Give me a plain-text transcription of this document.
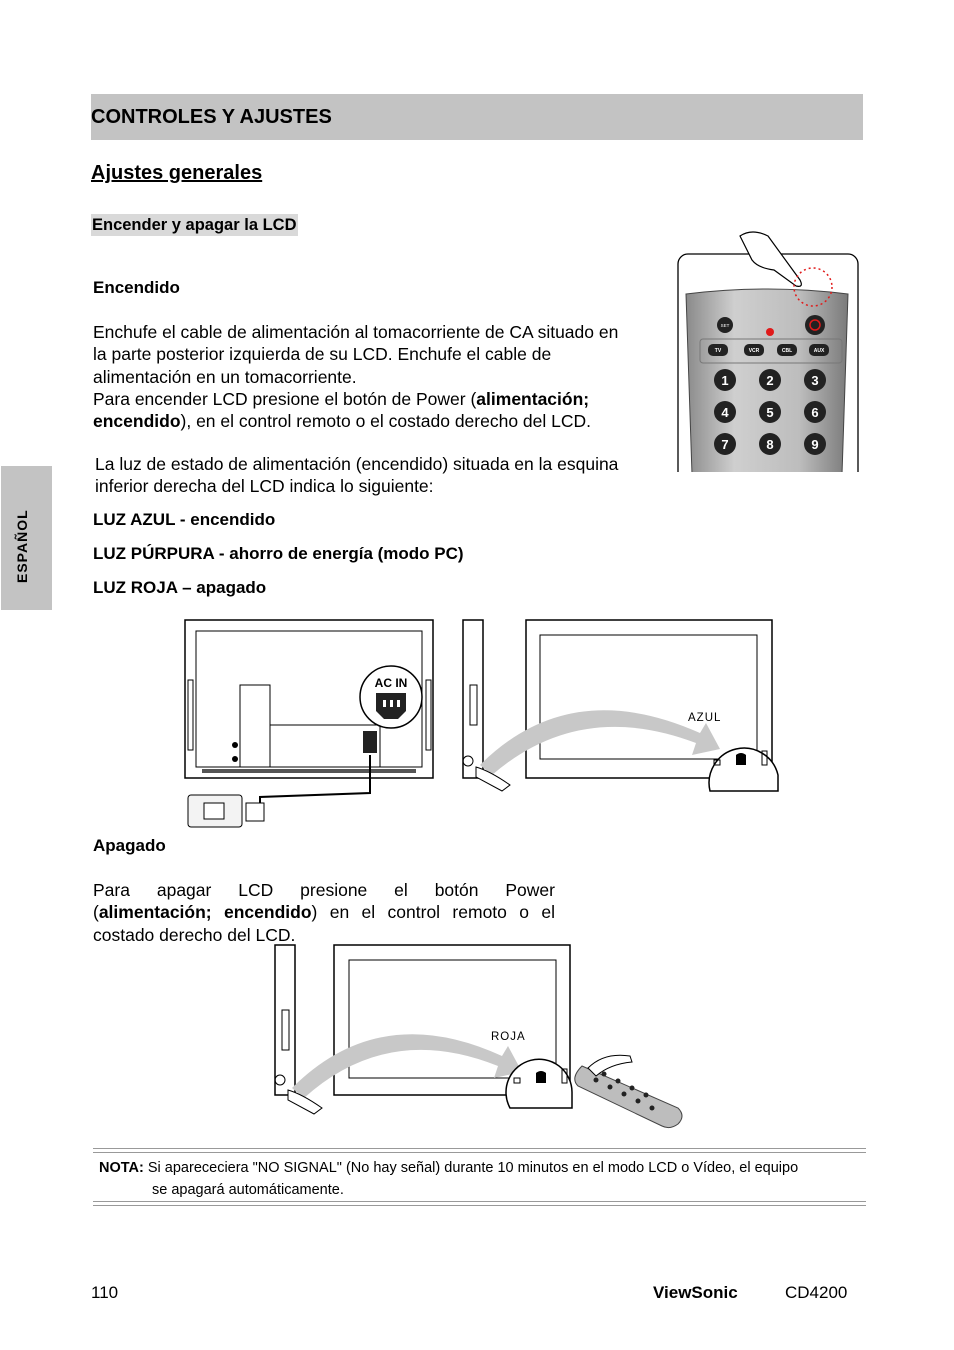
CONTROLES Y AJUSTES
Ajustes generales
Encender y apagar la LCD
ESPAÑOL
Encendido
Enchufe el cable de alimentación al tomacorriente de CA situado en
la parte posterior izquierda de su LCD. Enchufe el cable de
alimentación en un tomacorriente.
Para encender LCD presione el botón de Power (alimentación;
encendido), en el control remoto o el costado derecho del LCD.
La luz de estado de alimentación (encendido) situada en la esquina
inferior derecha del LCD indica lo siguiente:
LUZ AZUL - encendido
LUZ PÚRPURA - ahorro de energía (modo PC)
LUZ ROJA – apagado
SET
TV	VCR	CBL	AUX
1	2	3
4	5	6
7	8	9
AC IN
AZUL
Apagado
Para apagar LCD presione el botón Power
(alimentación; encendido) en el control remoto o el
costado derecho del LCD.
ROJA
NOTA: Si aparececiera "NO SIGNAL" (No hay señal) durante 10 minutos en el modo LCD o Vídeo, el equipo
se apagará automáticamente.
110	ViewSonic	CD4200
